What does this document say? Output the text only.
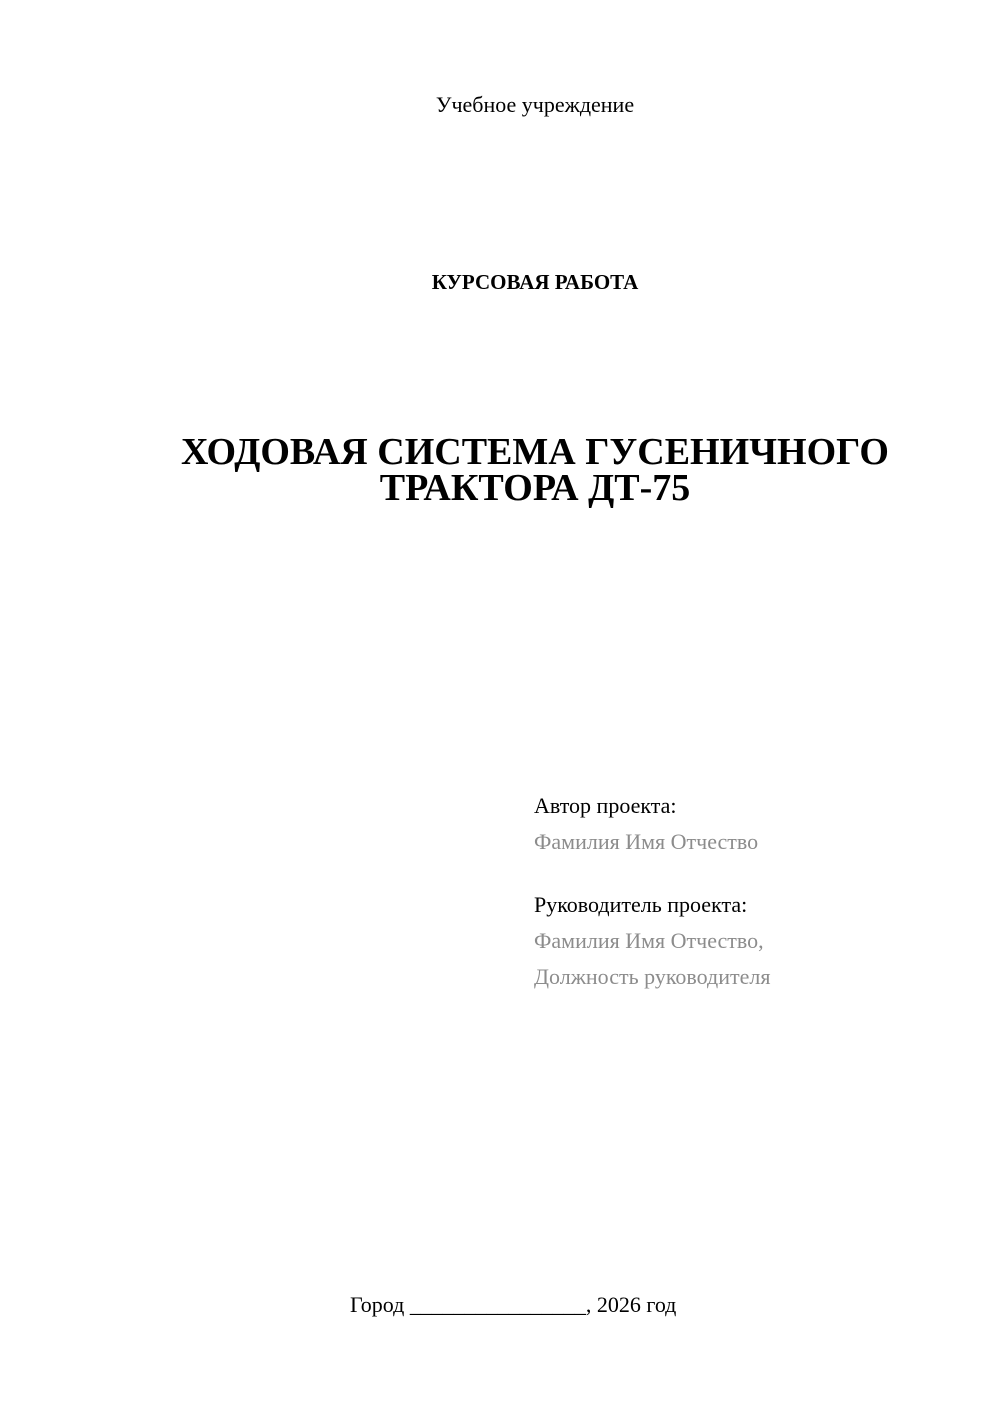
Учебное учреждение
КУРСОВАЯ РАБОТА
ХОДОВАЯ СИСТЕМА ГУСЕНИЧНОГО
ТРАКТОРА ДТ-75
Автор проекта:
Фамилия Имя Отчество
Руководитель проекта:
Фамилия Имя Отчество,
Должность руководителя
Город ________________, 2026 год
